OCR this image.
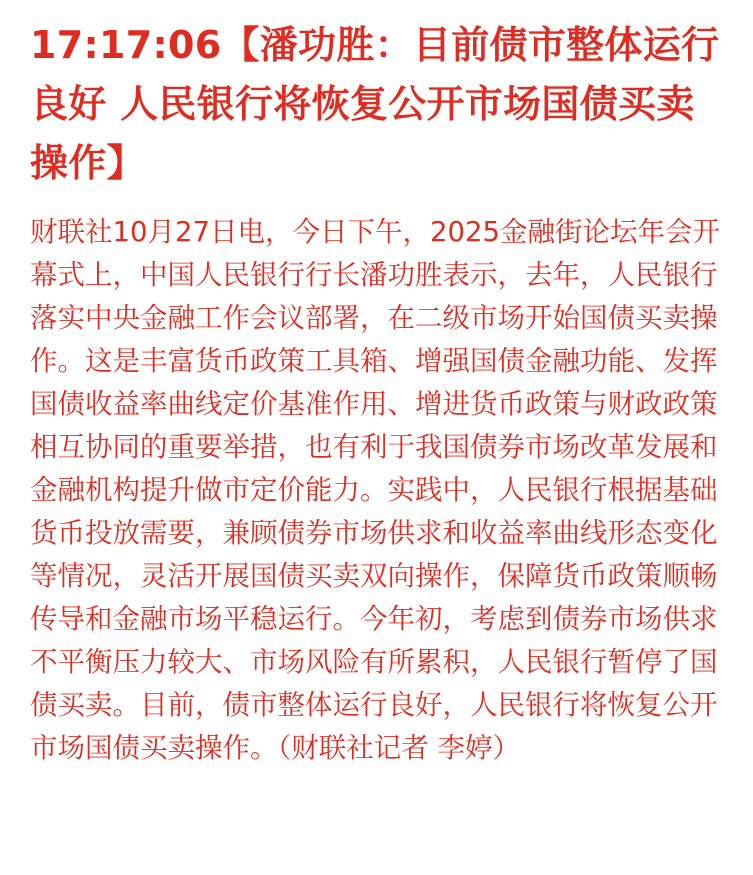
17:17:06【潘功胜：目前债市整体运行良好 人民银行将恢复公开市场国债买卖操作】

财联社10月27日电，今日下午，2025金融街论坛年会开幕式上，中国人民银行行长潘功胜表示，去年，人民银行落实中央金融工作会议部署，在二级市场开始国债买卖操作。这是丰富货币政策工具箱、增强国债金融功能、发挥国债收益率曲线定价基准作用、增进货币政策与财政政策相互协同的重要举措，也有利于我国债券市场改革发展和金融机构提升做市定价能力。实践中，人民银行根据基础货币投放需要，兼顾债券市场供求和收益率曲线形态变化等情况，灵活开展国债买卖双向操作，保障货币政策顺畅传导和金融市场平稳运行。今年初，考虑到债券市场供求不平衡压力较大、市场风险有所累积，人民银行暂停了国债买卖。目前，债市整体运行良好，人民银行将恢复公开市场国债买卖操作。（财联社记者 李婷）
